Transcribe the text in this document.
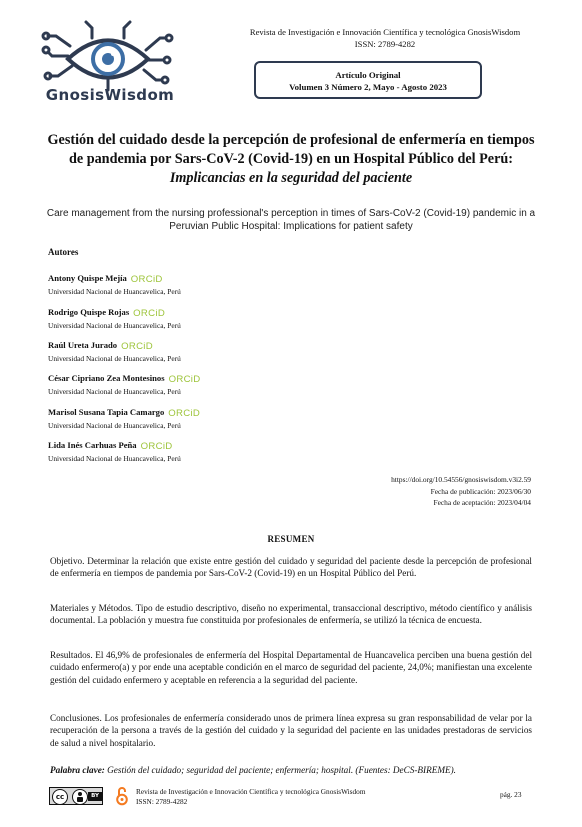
GnosisWisdom
Revista de Investigación e Innovación Científica y tecnológica GnosisWisdom
ISSN: 2789-4282
Artículo Original
Volumen 3 Número 2, Mayo - Agosto 2023
Gestión del cuidado desde la percepción de profesional de enfermería en tiempos de pandemia por Sars-CoV-2 (Covid-19) en un Hospital Público del Perú: Implicancias en la seguridad del paciente
Care management from the nursing professional's perception in times of Sars-CoV-2 (Covid-19) pandemic in a Peruvian Public Hospital: Implications for patient safety
Autores
Antony Quispe Mejía ORCiD
Universidad Nacional de Huancavelica, Perú
Rodrigo Quispe Rojas ORCiD
Universidad Nacional de Huancavelica, Perú
Raúl Ureta Jurado ORCiD
Universidad Nacional de Huancavelica, Perú
César Cipriano Zea Montesinos ORCiD
Universidad Nacional de Huancavelica, Perú
Marisol Susana Tapia Camargo ORCiD
Universidad Nacional de Huancavelica, Perú
Lida Inés Carhuas Peña ORCiD
Universidad Nacional de Huancavelica, Perú
https://doi.org/10.54556/gnosiswisdom.v3i2.59
Fecha de publicación: 2023/06/30
Fecha de aceptación: 2023/04/04
RESUMEN
Objetivo. Determinar la relación que existe entre gestión del cuidado y seguridad del paciente desde la percepción de profesional de enfermería en tiempos de pandemia por Sars-CoV-2 (Covid-19) en un Hospital Público del Perú.
Materiales y Métodos. Tipo de estudio descriptivo, diseño no experimental, transaccional descriptivo, método científico y análisis documental. La población y muestra fue constituida por profesionales de enfermería, se utilizó la técnica de encuesta.
Resultados. El 46,9% de profesionales de enfermería del Hospital Departamental de Huancavelica perciben una buena gestión del cuidado enfermero(a) y por ende una aceptable condición en el marco de seguridad del paciente, 24,0%; manifiestan una excelente gestión del cuidado enfermero y aceptable en referencia a la seguridad del paciente.
Conclusiones. Los profesionales de enfermería considerado unos de primera línea expresa su gran responsabilidad de velar por la recuperación de la persona a través de la gestión del cuidado y la seguridad del paciente en las unidades prestadoras de servicios de salud a nivel hospitalario.
Palabra clave: Gestión del cuidado; seguridad del paciente; enfermería; hospital. (Fuentes: DeCS-BIREME).
cc	BY	Revista de Investigación e Innovación Científica y tecnológica GnosisWisdom
ISSN: 2789-4282
pág. 23
